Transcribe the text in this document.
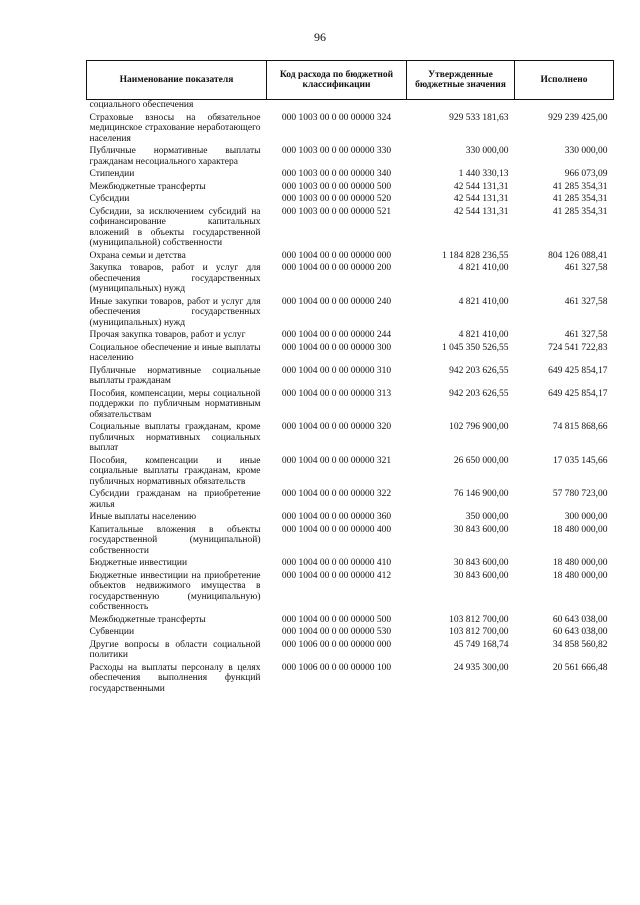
96
Наименование показателя	Код расхода по бюджетной классификации	Утвержденные бюджетные значения	Исполнено
социального обеспечения			
Страховые взносы на обязательное медицинское страхование неработающего населения	000 1003 00 0 00 00000 324	929 533 181,63	929 239 425,00
Публичные нормативные выплаты гражданам несоциального характера	000 1003 00 0 00 00000 330	330 000,00	330 000,00
Стипендии	000 1003 00 0 00 00000 340	1 440 330,13	966 073,09
Межбюджетные трансферты	000 1003 00 0 00 00000 500	42 544 131,31	41 285 354,31
Субсидии	000 1003 00 0 00 00000 520	42 544 131,31	41 285 354,31
Субсидии, за исключением субсидий на софинансирование капитальных вложений в объекты государственной (муниципальной) собственности	000 1003 00 0 00 00000 521	42 544 131,31	41 285 354,31
Охрана семьи и детства	000 1004 00 0 00 00000 000	1 184 828 236,55	804 126 088,41
Закупка товаров, работ и услуг для обеспечения государственных (муниципальных) нужд	000 1004 00 0 00 00000 200	4 821 410,00	461 327,58
Иные закупки товаров, работ и услуг для обеспечения государственных (муниципальных) нужд	000 1004 00 0 00 00000 240	4 821 410,00	461 327,58
Прочая закупка товаров, работ и услуг	000 1004 00 0 00 00000 244	4 821 410,00	461 327,58
Социальное обеспечение и иные выплаты населению	000 1004 00 0 00 00000 300	1 045 350 526,55	724 541 722,83
Публичные нормативные социальные выплаты гражданам	000 1004 00 0 00 00000 310	942 203 626,55	649 425 854,17
Пособия, компенсации, меры социальной поддержки по публичным нормативным обязательствам	000 1004 00 0 00 00000 313	942 203 626,55	649 425 854,17
Социальные выплаты гражданам, кроме публичных нормативных социальных выплат	000 1004 00 0 00 00000 320	102 796 900,00	74 815 868,66
Пособия, компенсации и иные социальные выплаты гражданам, кроме публичных нормативных обязательств	000 1004 00 0 00 00000 321	26 650 000,00	17 035 145,66
Субсидии гражданам на приобретение жилья	000 1004 00 0 00 00000 322	76 146 900,00	57 780 723,00
Иные выплаты населению	000 1004 00 0 00 00000 360	350 000,00	300 000,00
Капитальные вложения в объекты государственной (муниципальной) собственности	000 1004 00 0 00 00000 400	30 843 600,00	18 480 000,00
Бюджетные инвестиции	000 1004 00 0 00 00000 410	30 843 600,00	18 480 000,00
Бюджетные инвестиции на приобретение объектов недвижимого имущества в государственную (муниципальную) собственность	000 1004 00 0 00 00000 412	30 843 600,00	18 480 000,00
Межбюджетные трансферты	000 1004 00 0 00 00000 500	103 812 700,00	60 643 038,00
Субвенции	000 1004 00 0 00 00000 530	103 812 700,00	60 643 038,00
Другие вопросы в области социальной политики	000 1006 00 0 00 00000 000	45 749 168,74	34 858 560,82
Расходы на выплаты персоналу в целях обеспечения выполнения функций государственными	000 1006 00 0 00 00000 100	24 935 300,00	20 561 666,48
